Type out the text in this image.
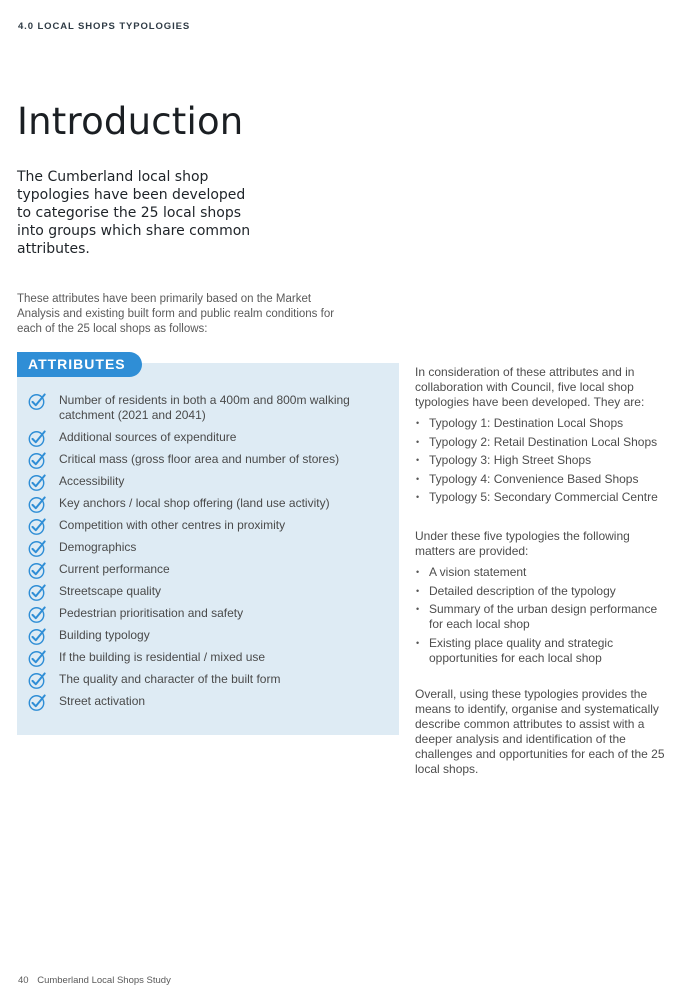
4.0 LOCAL SHOPS TYPOLOGIES
Introduction

The Cumberland local shop typologies have been developed to categorise the 25 local shops into groups which share common attributes.

These attributes have been primarily based on the Market Analysis and existing built form and public realm conditions for each of the 25 local shops as follows:

ATTRIBUTES
Number of residents in both a 400m and 800m walking catchment (2021 and 2041)
Additional sources of expenditure
Critical mass (gross floor area and number of stores)
Accessibility
Key anchors / local shop offering (land use activity)
Competition with other centres in proximity
Demographics
Current performance
Streetscape quality
Pedestrian prioritisation and safety
Building typology
If the building is residential / mixed use
The quality and character of the built form
Street activation

In consideration of these attributes and in collaboration with Council, five local shop typologies have been developed. They are:

• Typology 1: Destination Local Shops
• Typology 2: Retail Destination Local Shops
• Typology 3: High Street Shops
• Typology 4: Convenience Based Shops
• Typology 5: Secondary Commercial Centre

Under these five typologies the following matters are provided:

• A vision statement
• Detailed description of the typology
• Summary of the urban design performance for each local shop
• Existing place quality and strategic opportunities for each local shop

Overall, using these typologies provides the means to identify, organise and systematically describe common attributes to assist with a deeper analysis and identification of the challenges and opportunities for each of the 25 local shops.

40 Cumberland Local Shops Study
